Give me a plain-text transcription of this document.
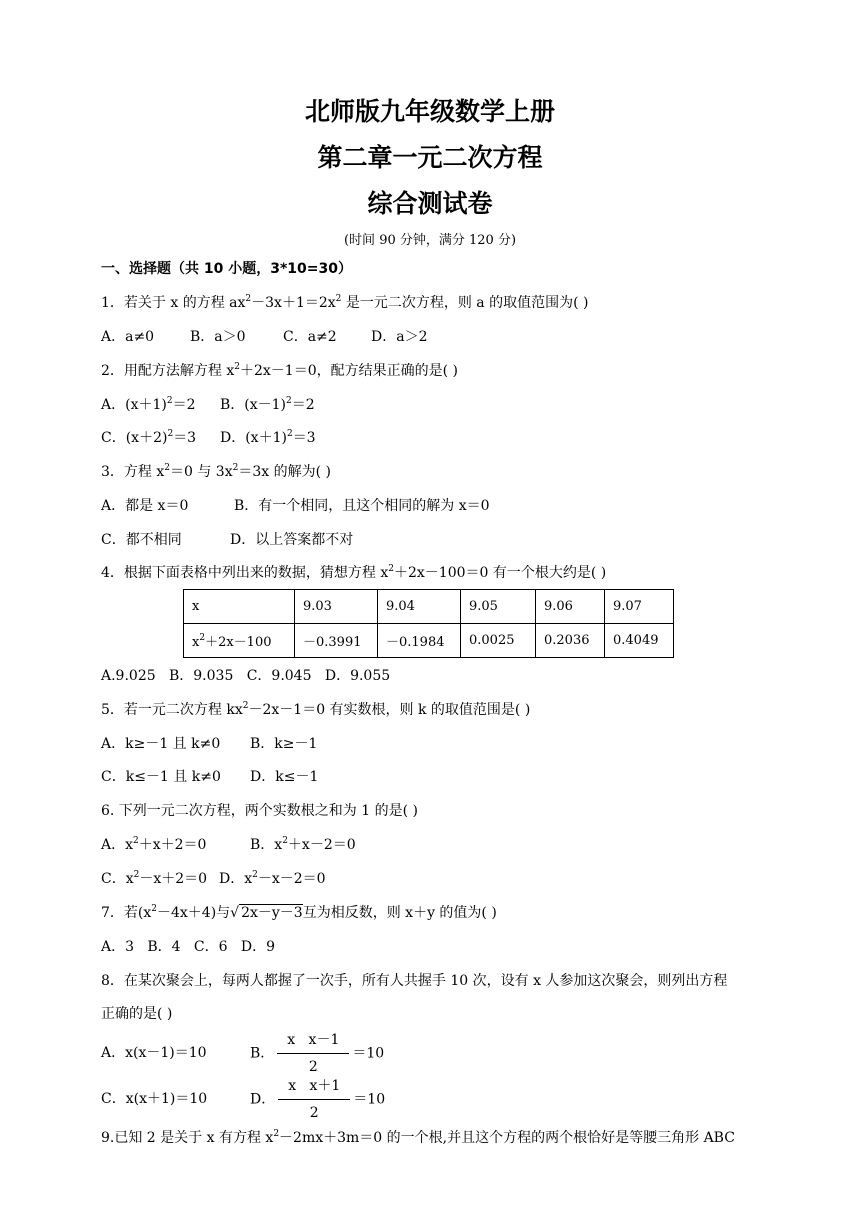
北师版九年级数学上册
第二章一元二次方程
综合测试卷
(时间 90 分钟，满分 120 分)
一、选择题（共 10 小题，3*10=30）
1．若关于 x 的方程 $ax^2-3x+1=2x^2$ 是一元二次方程，则 a 的取值范围为( )
A．a≠0	B．a＞0	C．a≠2 D．a＞2
2．用配方法解方程 $x^2+2x-1=0$，配方结果正确的是( )
A．$(x+1)^2=2$ B．$(x-1)^2=2$
C．$(x+2)^2=3$ D．$(x+1)^2=3$
3．方程 $x^2=0$ 与 $3x^2=3x$ 的解为( )
A．都是 x＝0	B．有一个相同，且这个相同的解为 x＝0
C．都不相同	D．以上答案都不对
4．根据下面表格中列出来的数据，猜想方程 $x^2+2x-100=0$ 有一个根大约是( )
x	9.03	9.04	9.05	9.06	9.07
$x^2+2x-100$	－0.3991	－0.1984	0.0025	0.2036	0.4049
A.9.025   B．9.035   C．9.045   D．9.055
5．若一元二次方程 $kx^2-2x-1=0$ 有实数根，则 k 的取值范围是( )
A．k≥－1 且 k≠0 B．k≥－1
C．k≤－1 且 k≠0 D．k≤－1
6. 下列一元二次方程，两个实数根之和为 1 的是( )
A．$x^2+x+2=0$	B．$x^2+x-2=0$
C．$x^2-x+2=0$ D．$x^2-x-2=0$
7．若$(x^2-4x+4)$与√ 2x－y－3互为相反数，则 x＋y 的值为( )
A．3   B．4   C．6   D．9
8．在某次聚会上，每两人都握了一次手，所有人共握手 10 次，设有 x 人参加这次聚会，则列出方程
正确的是( )
A．x(x－1)＝10	B． $\frac{\text{x   x－1}}{2} =10$
C．x(x＋1)＝10	D． $\frac{\text{x   x＋1}}{2} =10$
9.已知 2 是关于 x 有方程 $x^2-2mx+3m=0$ 的一个根,并且这个方程的两个根恰好是等腰三角形 ABC
